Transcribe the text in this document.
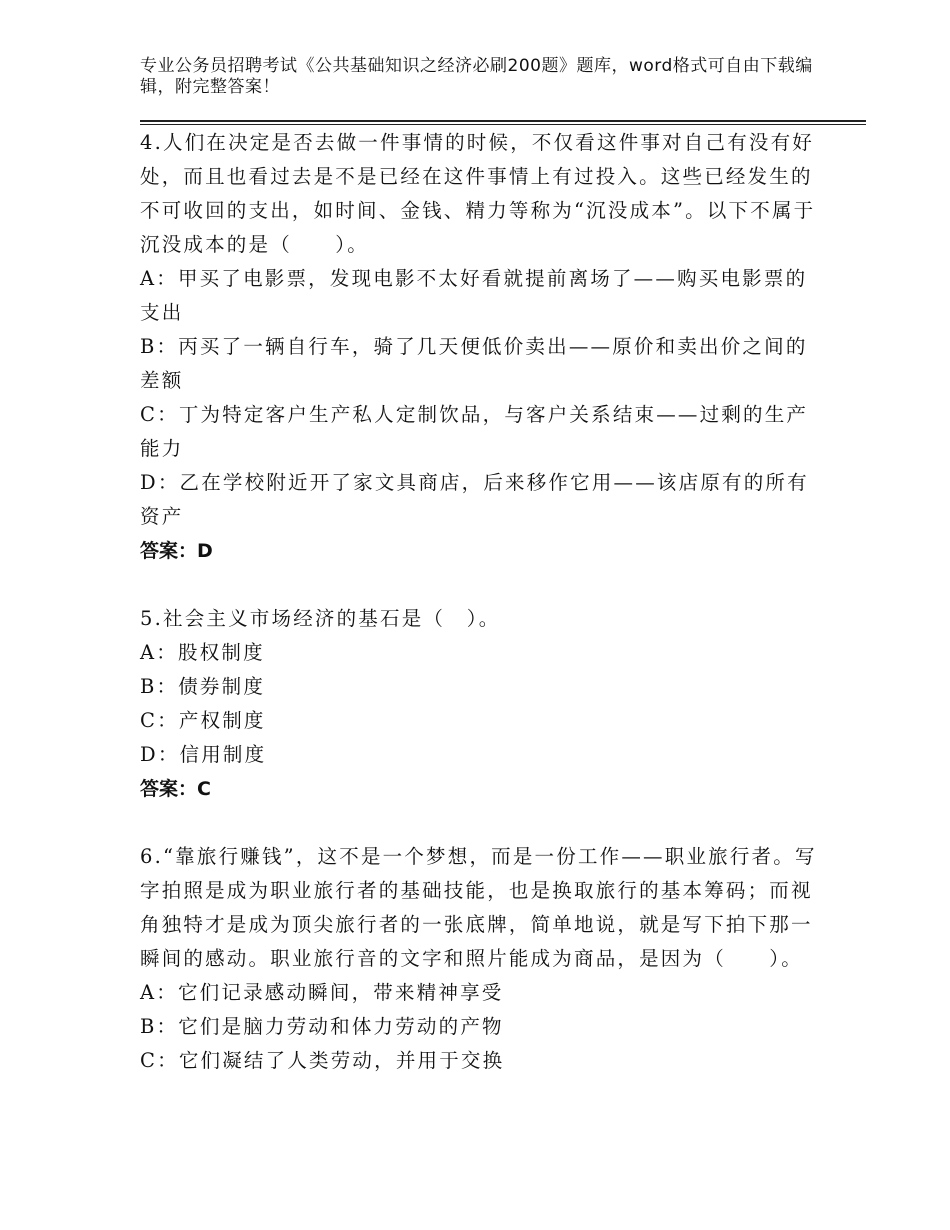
专业公务员招聘考试《公共基础知识之经济必刷200题》题库，word格式可自由下载编辑，附完整答案！

4.人们在决定是否去做一件事情的时候，不仅看这件事对自己有没有好处，而且也看过去是不是已经在这件事情上有过投入。这些已经发生的不可收回的支出，如时间、金钱、精力等称为“沉没成本”。以下不属于沉没成本的是（　　）。

A：甲买了电影票，发现电影不太好看就提前离场了——购买电影票的支出

B：丙买了一辆自行车，骑了几天便低价卖出——原价和卖出价之间的差额

C：丁为特定客户生产私人定制饮品，与客户关系结束——过剩的生产能力

D：乙在学校附近开了家文具商店，后来移作它用——该店原有的所有资产

答案：D

5.社会主义市场经济的基石是（　）。

A：股权制度

B：债券制度

C：产权制度

D：信用制度

答案：C

6.“靠旅行赚钱”，这不是一个梦想，而是一份工作——职业旅行者。写字拍照是成为职业旅行者的基础技能，也是换取旅行的基本筹码；而视角独特才是成为顶尖旅行者的一张底牌，简单地说，就是写下拍下那一瞬间的感动。职业旅行音的文字和照片能成为商品，是因为（　　）。

A：它们记录感动瞬间，带来精神享受

B：它们是脑力劳动和体力劳动的产物

C：它们凝结了人类劳动，并用于交换
